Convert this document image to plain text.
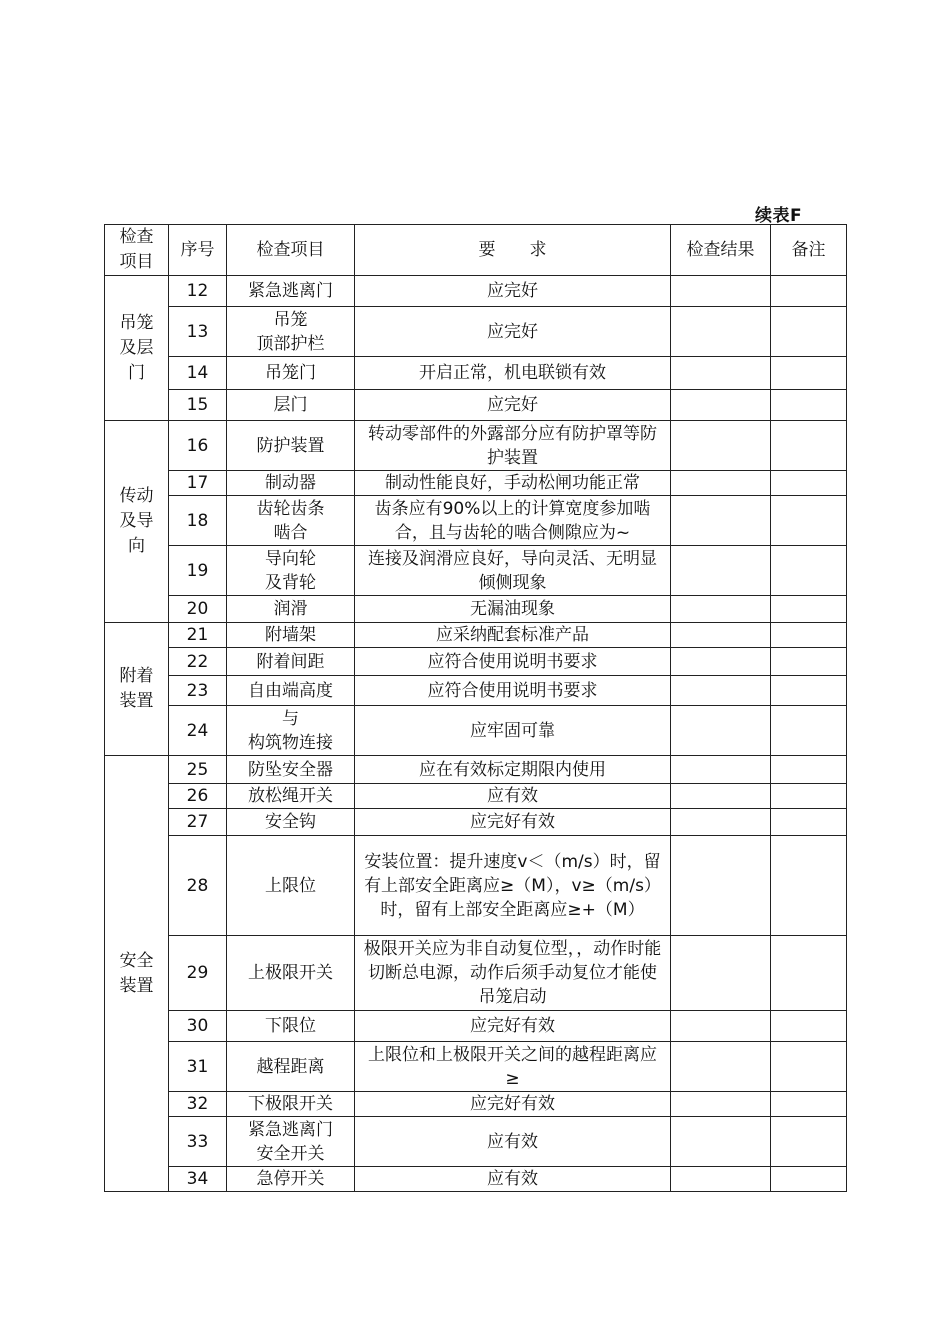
续表F
检查
项目	序号	检查项目	要　　求	检查结果	备注
吊笼
及层
门	12	紧急逃离门	应完好		
	13	吊笼
顶部护栏	应完好		
	14	吊笼门	开启正常，机电联锁有效		
	15	层门	应完好		
传动
及导
向	16	防护装置	转动零部件的外露部分应有防护罩等防护装置		
	17	制动器	制动性能良好，手动松闸功能正常		
	18	齿轮齿条
啮合	齿条应有90%以上的计算宽度参加啮合，且与齿轮的啮合侧隙应为~		
	19	导向轮
及背轮	连接及润滑应良好，导向灵活、无明显倾侧现象		
	20	润滑	无漏油现象		
附着
装置	21	附墙架	应采纳配套标准产品		
	22	附着间距	应符合使用说明书要求		
	23	自由端高度	应符合使用说明书要求		
	24	与
构筑物连接	应牢固可靠		
安全
装置	25	防坠安全器	应在有效标定期限内使用		
	26	放松绳开关	应有效		
	27	安全钩	应完好有效		
	28	上限位	安装位置：提升速度v＜（m/s）时，留有上部安全距离应≥（M），v≥（m/s）时，留有上部安全距离应≥+（M）		
	29	上极限开关	极限开关应为非自动复位型，，动作时能切断总电源，动作后须手动复位才能使吊笼启动		
	30	下限位	应完好有效		
	31	越程距离	上限位和上极限开关之间的越程距离应≥		
	32	下极限开关	应完好有效		
	33	紧急逃离门
安全开关	应有效		
	34	急停开关	应有效		
